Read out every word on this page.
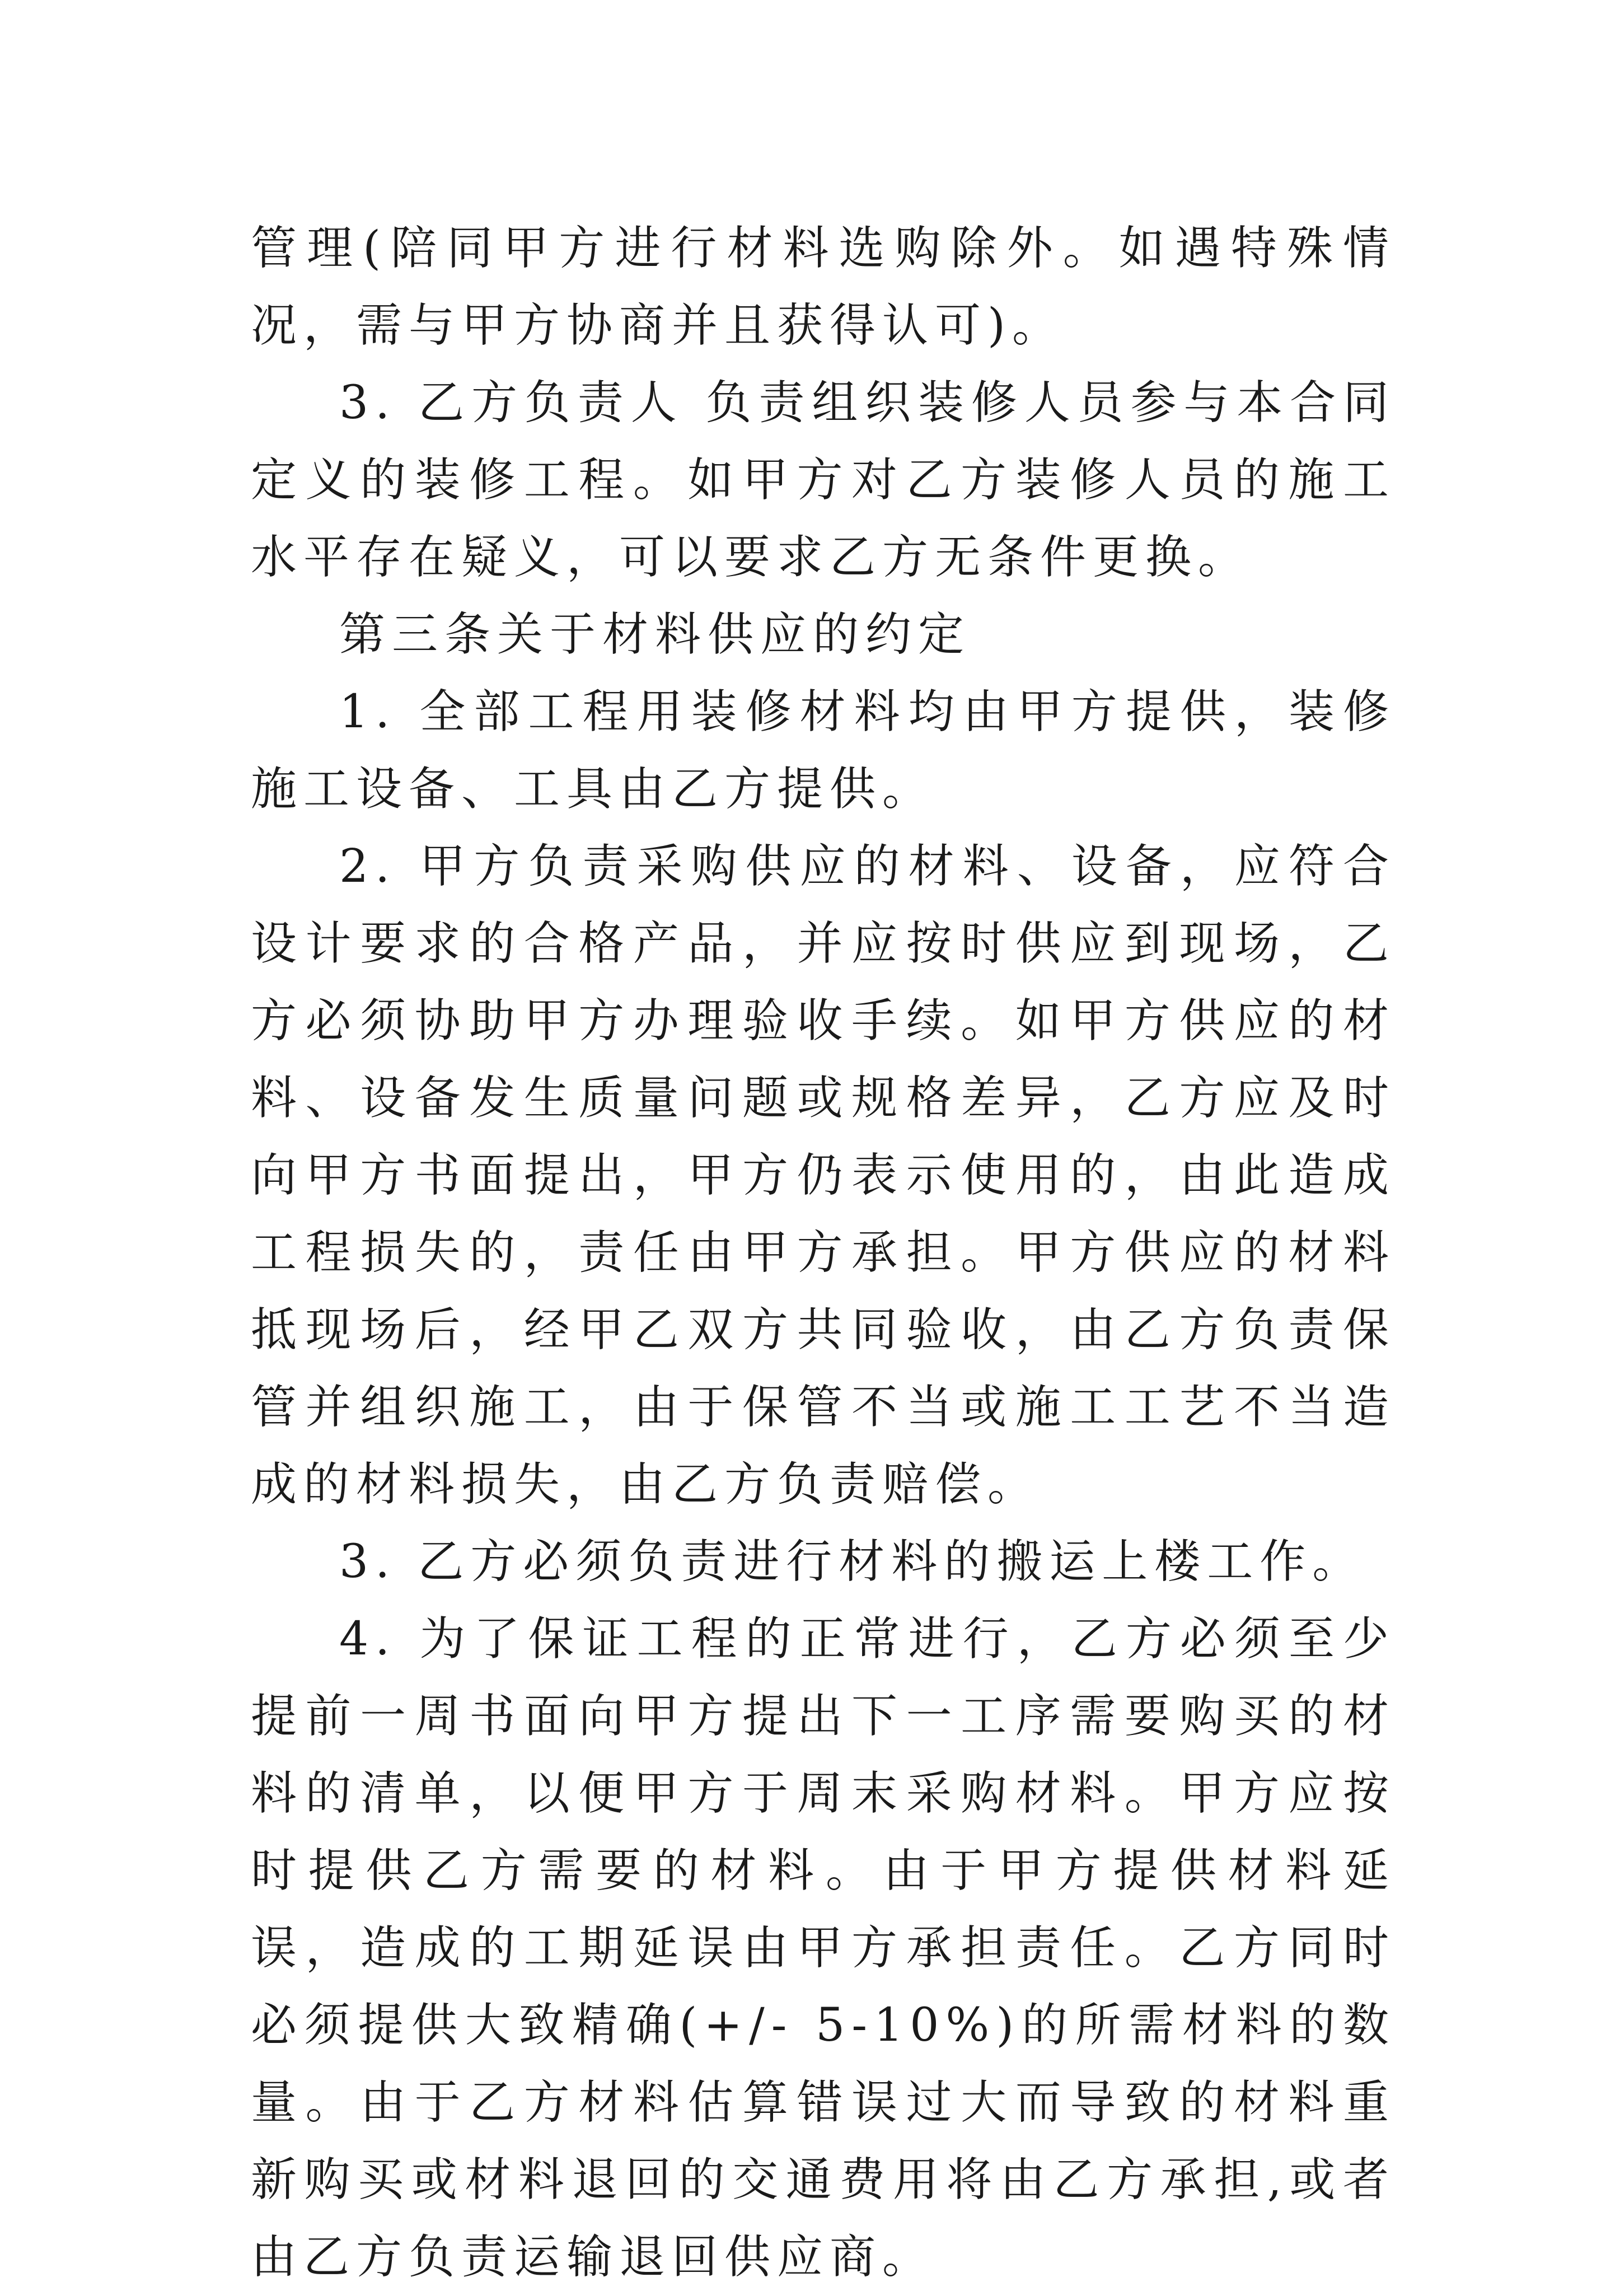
管理(陪同甲方进行材料选购除外。如遇特殊情况，需与甲方协商并且获得认可)。

3. 乙方负责人 负责组织装修人员参与本合同定义的装修工程。如甲方对乙方装修人员的施工水平存在疑义，可以要求乙方无条件更换。

第三条关于材料供应的约定

1. 全部工程用装修材料均由甲方提供，装修施工设备、工具由乙方提供。

2. 甲方负责采购供应的材料、设备，应符合设计要求的合格产品，并应按时供应到现场，乙方必须协助甲方办理验收手续。如甲方供应的材料、设备发生质量问题或规格差异，乙方应及时向甲方书面提出，甲方仍表示使用的，由此造成工程损失的，责任由甲方承担。甲方供应的材料抵现场后，经甲乙双方共同验收，由乙方负责保管并组织施工，由于保管不当或施工工艺不当造成的材料损失，由乙方负责赔偿。

3. 乙方必须负责进行材料的搬运上楼工作。

4. 为了保证工程的正常进行，乙方必须至少提前一周书面向甲方提出下一工序需要购买的材料的清单，以便甲方于周末采购材料。甲方应按时提供乙方需要的材料。由于甲方提供材料延误，造成的工期延误由甲方承担责任。乙方同时必须提供大致精确(+/- 5-10%)的所需材料的数量。由于乙方材料估算错误过大而导致的材料重新购买或材料退回的交通费用将由乙方承担,或者由乙方负责运输退回供应商。
